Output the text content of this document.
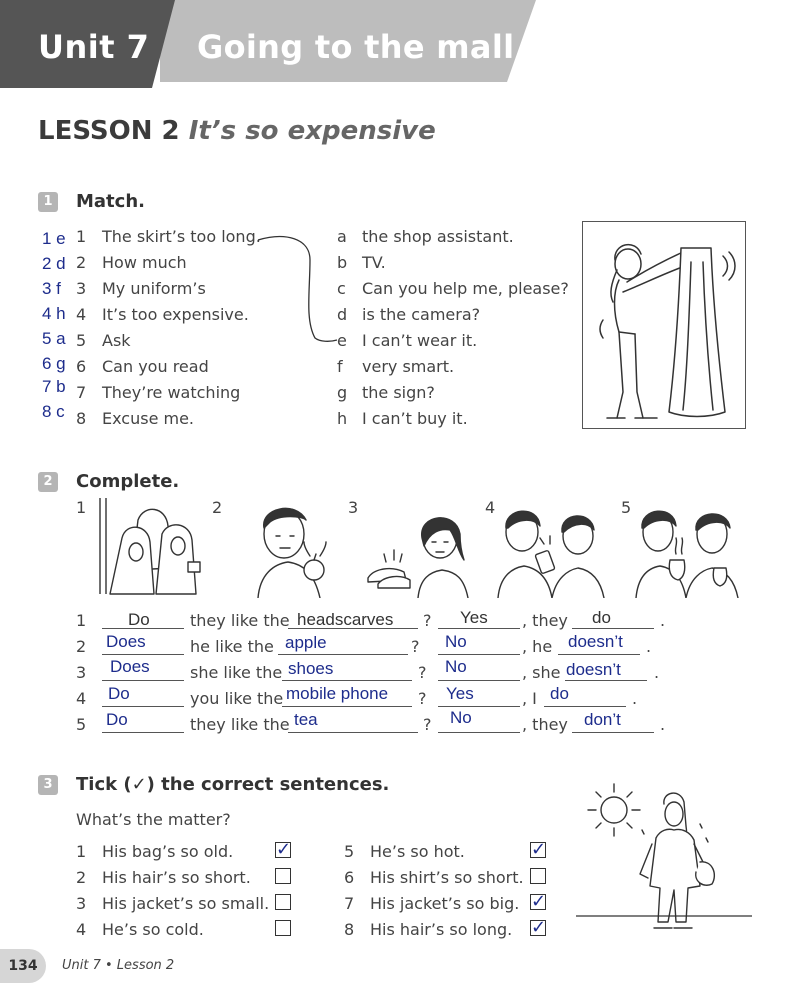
Unit 7 Going to the mall
LESSON 2 It’s so expensive
1	Match.
1 e
2 d
3 f
4 h
5 a
6 g
7 b
8 c
1 The skirt’s too long.
2 How much
3 My uniform’s
4 It’s too expensive.
5 Ask
6 Can you read
7 They’re watching
8 Excuse me.
a the shop assistant.
b TV.
c Can you help me, please?
d is the camera?
e I can’t wear it.
f very smart.
g the sign?
h I can’t buy it.
2	Complete.
1	2	3	4	5
1 Do	they like the headscarves ? Yes , they do	.
2 Does	he like the apple	? No	, he doesn’t .
3 Does	she like the shoes	? No	, she doesn’t .
4 Do	you like the mobile phone ? Yes	, I do	.
5 Do	they like the tea	? No	, they don’t .
3	Tick (✓) the correct sentences.
What’s the matter?
1 His bag’s so old. ✓
2 His hair’s so short.
3 His jacket’s so small.
4 He’s so cold.
5 He’s so hot.	✓
6 His shirt’s so short.
7 His jacket’s so big. ✓
8 His hair’s so long. ✓
134	Unit 7 • Lesson 2
